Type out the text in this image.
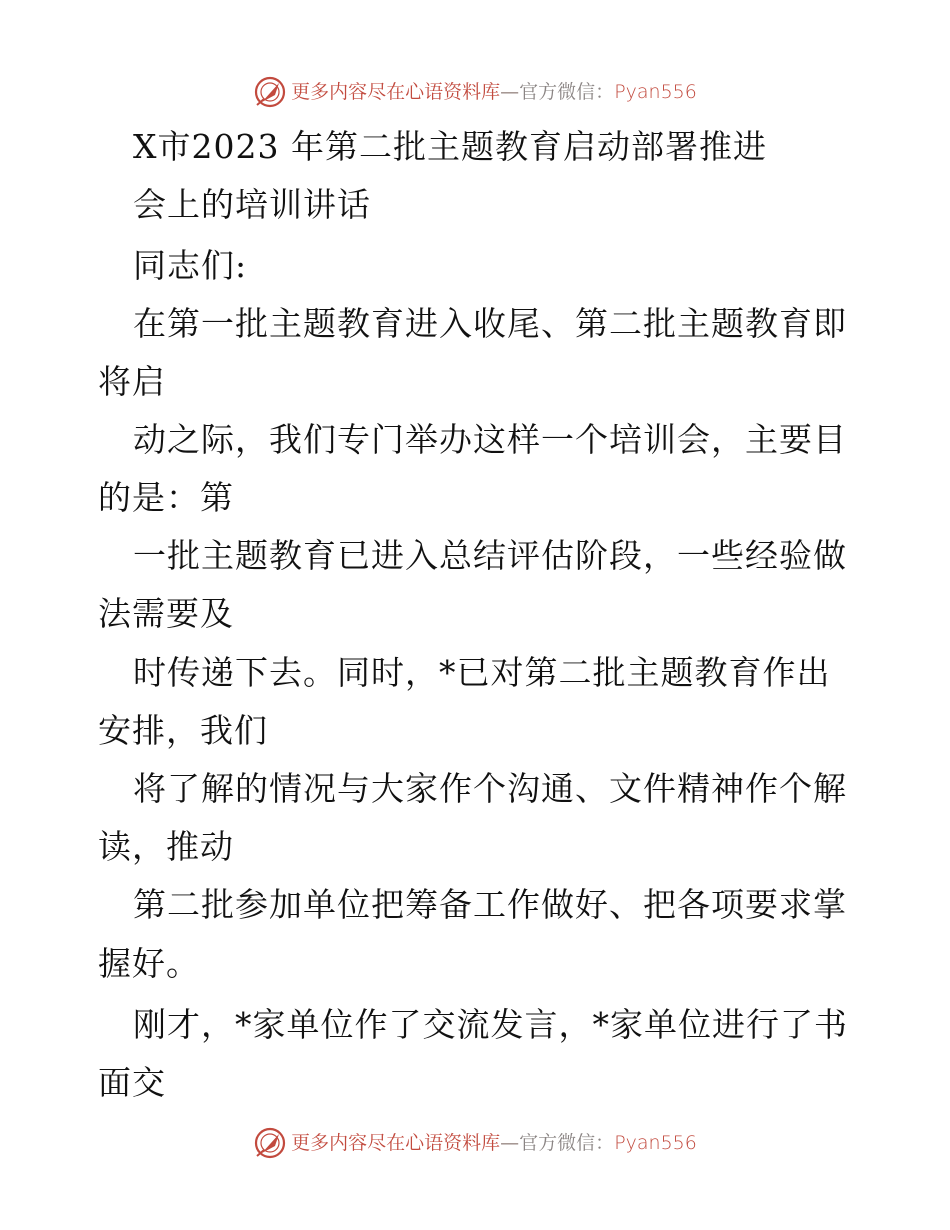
更多内容尽在心语资料库 — 官方微信： Pyan556

X市2023 年第二批主题教育启动部署推进

会上的培训讲话

同志们:

在第一批主题教育进入收尾、第二批主题教育即

将启

动之际，我们专门举办这样一个培训会，主要目

的是：第

一批主题教育已进入总结评估阶段，一些经验做

法需要及

时传递下去。同时，*已对第二批主题教育作出

安排，我们

将了解的情况与大家作个沟通、文件精神作个解

读，推动

第二批参加单位把筹备工作做好、把各项要求掌

握好。

刚才，*家单位作了交流发言，*家单位进行了书

面交

更多内容尽在心语资料库 — 官方微信： Pyan556
